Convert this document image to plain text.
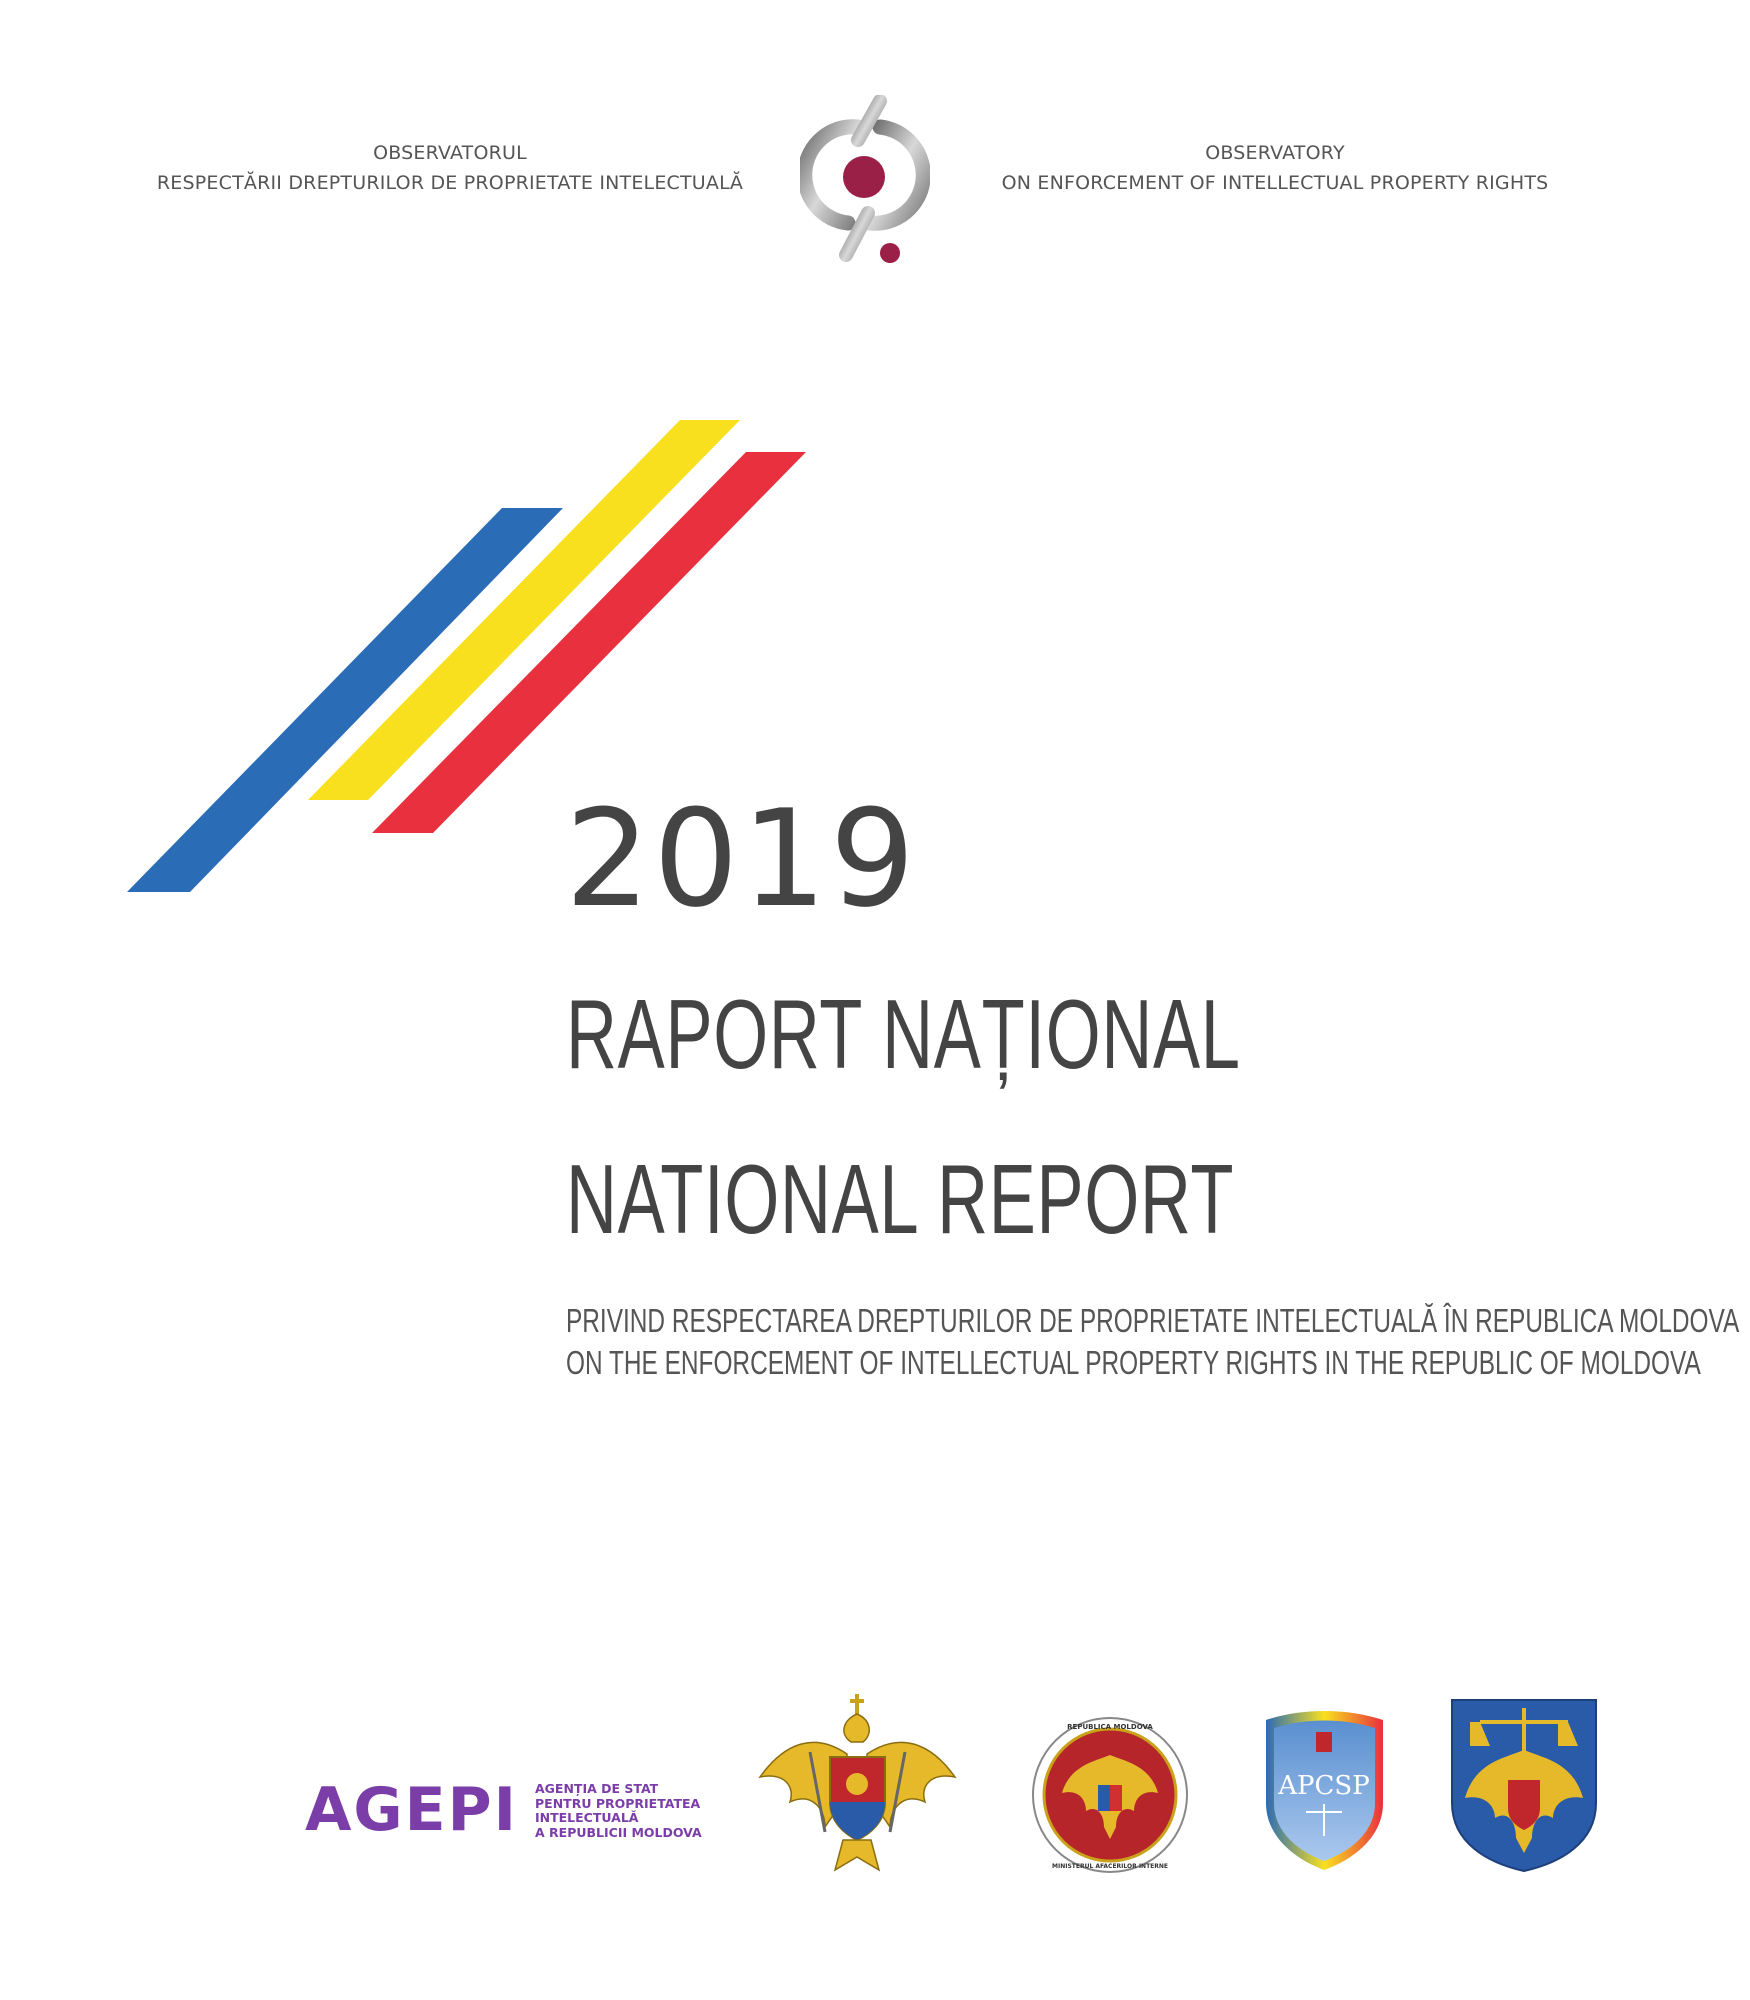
OBSERVATORUL
RESPECTĂRII DREPTURILOR DE PROPRIETATE INTELECTUALĂ
OBSERVATORY
ON ENFORCEMENT OF INTELLECTUAL PROPERTY RIGHTS
2019
RAPORT NAȚIONAL
NATIONAL REPORT
PRIVIND RESPECTAREA DREPTURILOR DE PROPRIETATE INTELECTUALĂ ÎN REPUBLICA MOLDOVA
ON THE ENFORCEMENT OF INTELLECTUAL PROPERTY RIGHTS IN THE REPUBLIC OF MOLDOVA
AGEPI AGENȚIA DE STAT
PENTRU PROPRIETATEA
INTELECTUALĂ
A REPUBLICII MOLDOVA
REPUBLICA MOLDOVA
MINISTERUL AFACERILOR INTERNE
APCSP
